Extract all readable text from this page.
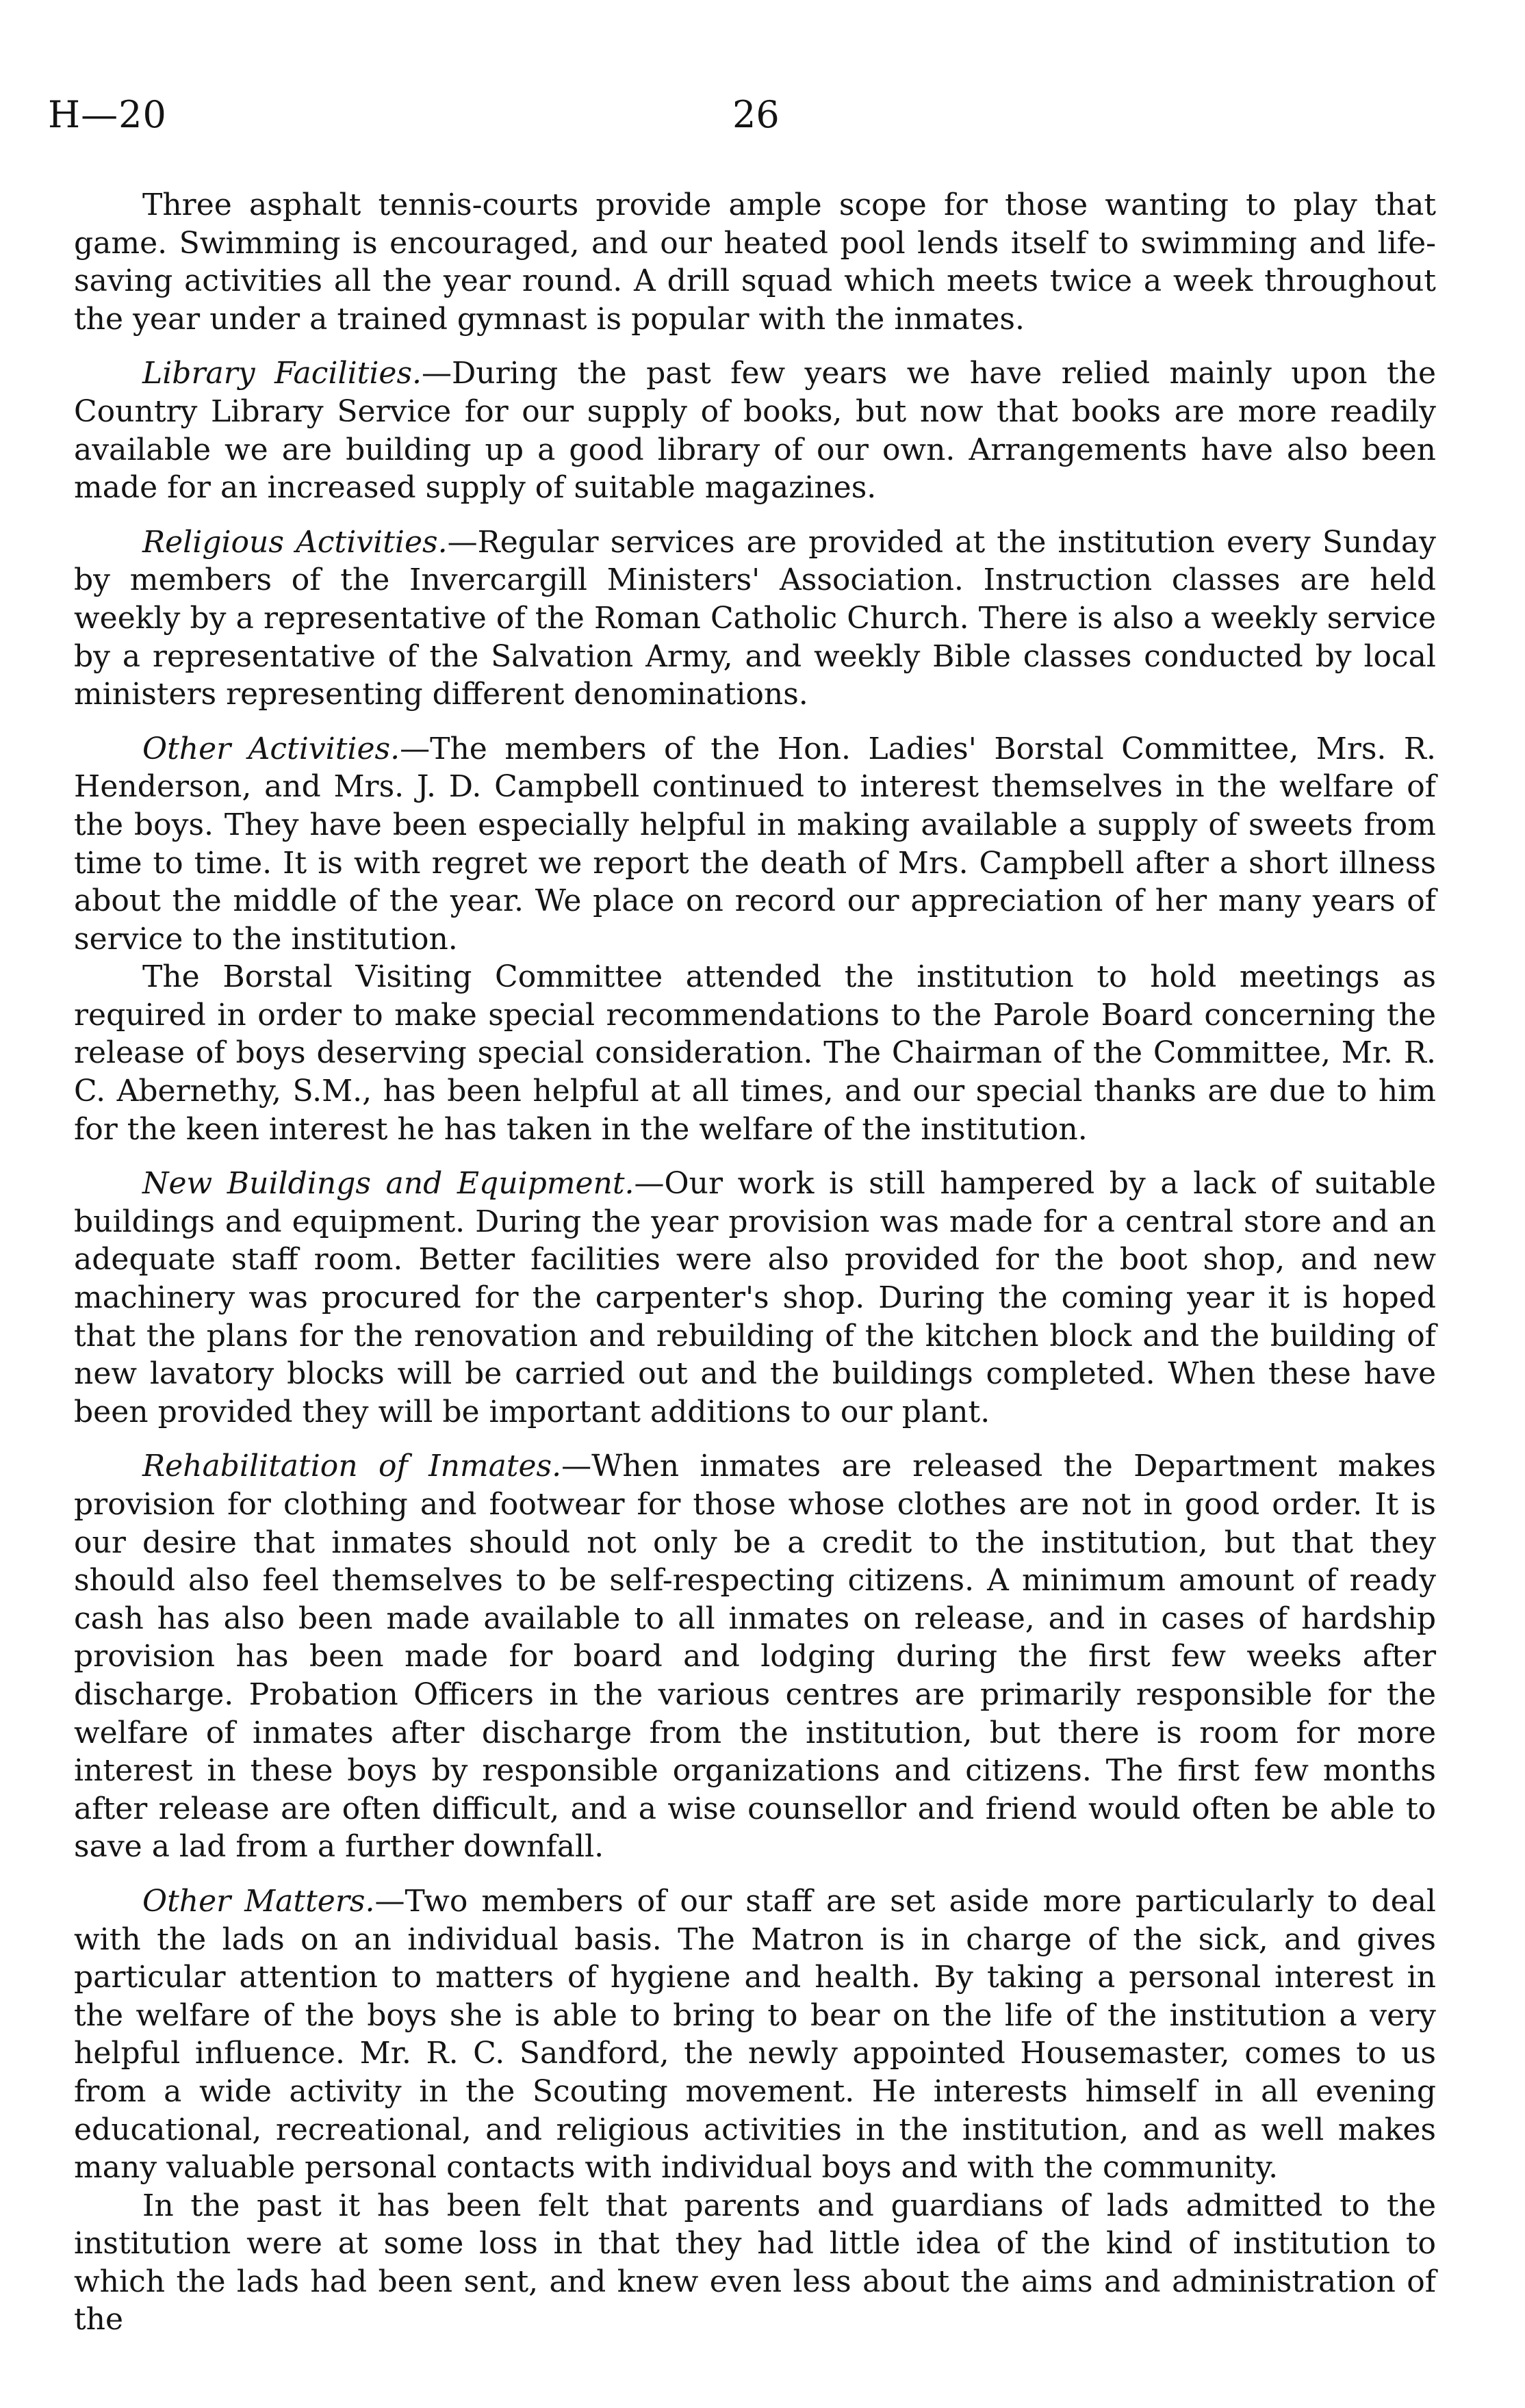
H—20	26

Three asphalt tennis-courts provide ample scope for those wanting to play that game. Swimming is encouraged, and our heated pool lends itself to swimming and life-saving activities all the year round. A drill squad which meets twice a week throughout the year under a trained gymnast is popular with the inmates.

Library Facilities.—During the past few years we have relied mainly upon the Country Library Service for our supply of books, but now that books are more readily available we are building up a good library of our own. Arrangements have also been made for an increased supply of suitable magazines.

Religious Activities.—Regular services are provided at the institution every Sunday by members of the Invercargill Ministers' Association. Instruction classes are held weekly by a representative of the Roman Catholic Church. There is also a weekly service by a representative of the Salvation Army, and weekly Bible classes conducted by local ministers representing different denominations.

Other Activities.—The members of the Hon. Ladies' Borstal Committee, Mrs. R. Henderson, and Mrs. J. D. Campbell continued to interest themselves in the welfare of the boys. They have been especially helpful in making available a supply of sweets from time to time. It is with regret we report the death of Mrs. Campbell after a short illness about the middle of the year. We place on record our appreciation of her many years of service to the institution.

The Borstal Visiting Committee attended the institution to hold meetings as required in order to make special recommendations to the Parole Board concerning the release of boys deserving special consideration. The Chairman of the Committee, Mr. R. C. Abernethy, S.M., has been helpful at all times, and our special thanks are due to him for the keen interest he has taken in the welfare of the institution.

New Buildings and Equipment.—Our work is still hampered by a lack of suitable buildings and equipment. During the year provision was made for a central store and an adequate staff room. Better facilities were also provided for the boot shop, and new machinery was procured for the carpenter's shop. During the coming year it is hoped that the plans for the renovation and rebuilding of the kitchen block and the building of new lavatory blocks will be carried out and the buildings completed. When these have been provided they will be important additions to our plant.

Rehabilitation of Inmates.—When inmates are released the Department makes provision for clothing and footwear for those whose clothes are not in good order. It is our desire that inmates should not only be a credit to the institution, but that they should also feel themselves to be self-respecting citizens. A minimum amount of ready cash has also been made available to all inmates on release, and in cases of hardship provision has been made for board and lodging during the first few weeks after discharge. Probation Officers in the various centres are primarily responsible for the welfare of inmates after discharge from the institution, but there is room for more interest in these boys by responsible organizations and citizens. The first few months after release are often difficult, and a wise counsellor and friend would often be able to save a lad from a further downfall.

Other Matters.—Two members of our staff are set aside more particularly to deal with the lads on an individual basis. The Matron is in charge of the sick, and gives particular attention to matters of hygiene and health. By taking a personal interest in the welfare of the boys she is able to bring to bear on the life of the institution a very helpful influence. Mr. R. C. Sandford, the newly appointed Housemaster, comes to us from a wide activity in the Scouting movement. He interests himself in all evening educational, recreational, and religious activities in the institution, and as well makes many valuable personal contacts with individual boys and with the community.

In the past it has been felt that parents and guardians of lads admitted to the institution were at some loss in that they had little idea of the kind of institution to which the lads had been sent, and knew even less about the aims and administration of the
